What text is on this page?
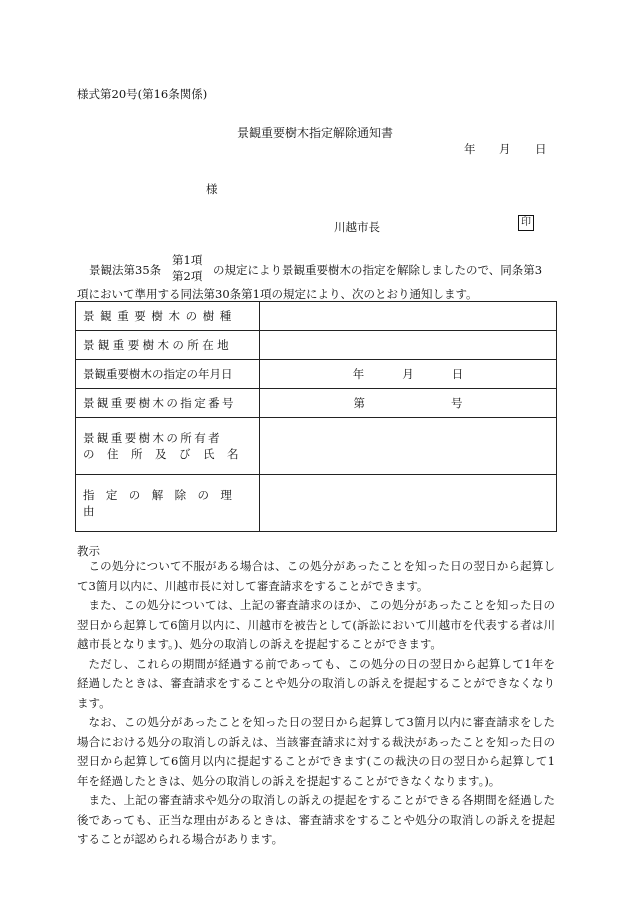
様式第20号(第16条関係)
景観重要樹木指定解除通知書
年 月 日
様
川越市長	印
景観法第35条
第1項
第2項 の規定により景観重要樹木の指定を解除しましたので、同条第3
項において準用する同法第30条第1項の規定により、次のとおり通知します。
景観重要樹木の樹種	

景観重要樹木の所在地	

景観重要樹木の指定の年月日	年 月 日

景観重要樹木の指定番号	第 号

景観重要樹木の所有者
の住所及び氏名	

指定の解除の理由	

教示

この処分について不服がある場合は、この処分があったことを知った日の翌日から起算して3箇月以内に、川越市長に対して審査請求をすることができます。

また、この処分については、上記の審査請求のほか、この処分があったことを知った日の翌日から起算して6箇月以内に、川越市を被告として(訴訟において川越市を代表する者は川越市長となります。)、処分の取消しの訴えを提起することができます。

ただし、これらの期間が経過する前であっても、この処分の日の翌日から起算して1年を経過したときは、審査請求をすることや処分の取消しの訴えを提起することができなくなります。

なお、この処分があったことを知った日の翌日から起算して3箇月以内に審査請求をした場合における処分の取消しの訴えは、当該審査請求に対する裁決があったことを知った日の翌日から起算して6箇月以内に提起することができます(この裁決の日の翌日から起算して1年を経過したときは、処分の取消しの訴えを提起することができなくなります。)。

また、上記の審査請求や処分の取消しの訴えの提起をすることができる各期間を経過した後であっても、正当な理由があるときは、審査請求をすることや処分の取消しの訴えを提起することが認められる場合があります。
